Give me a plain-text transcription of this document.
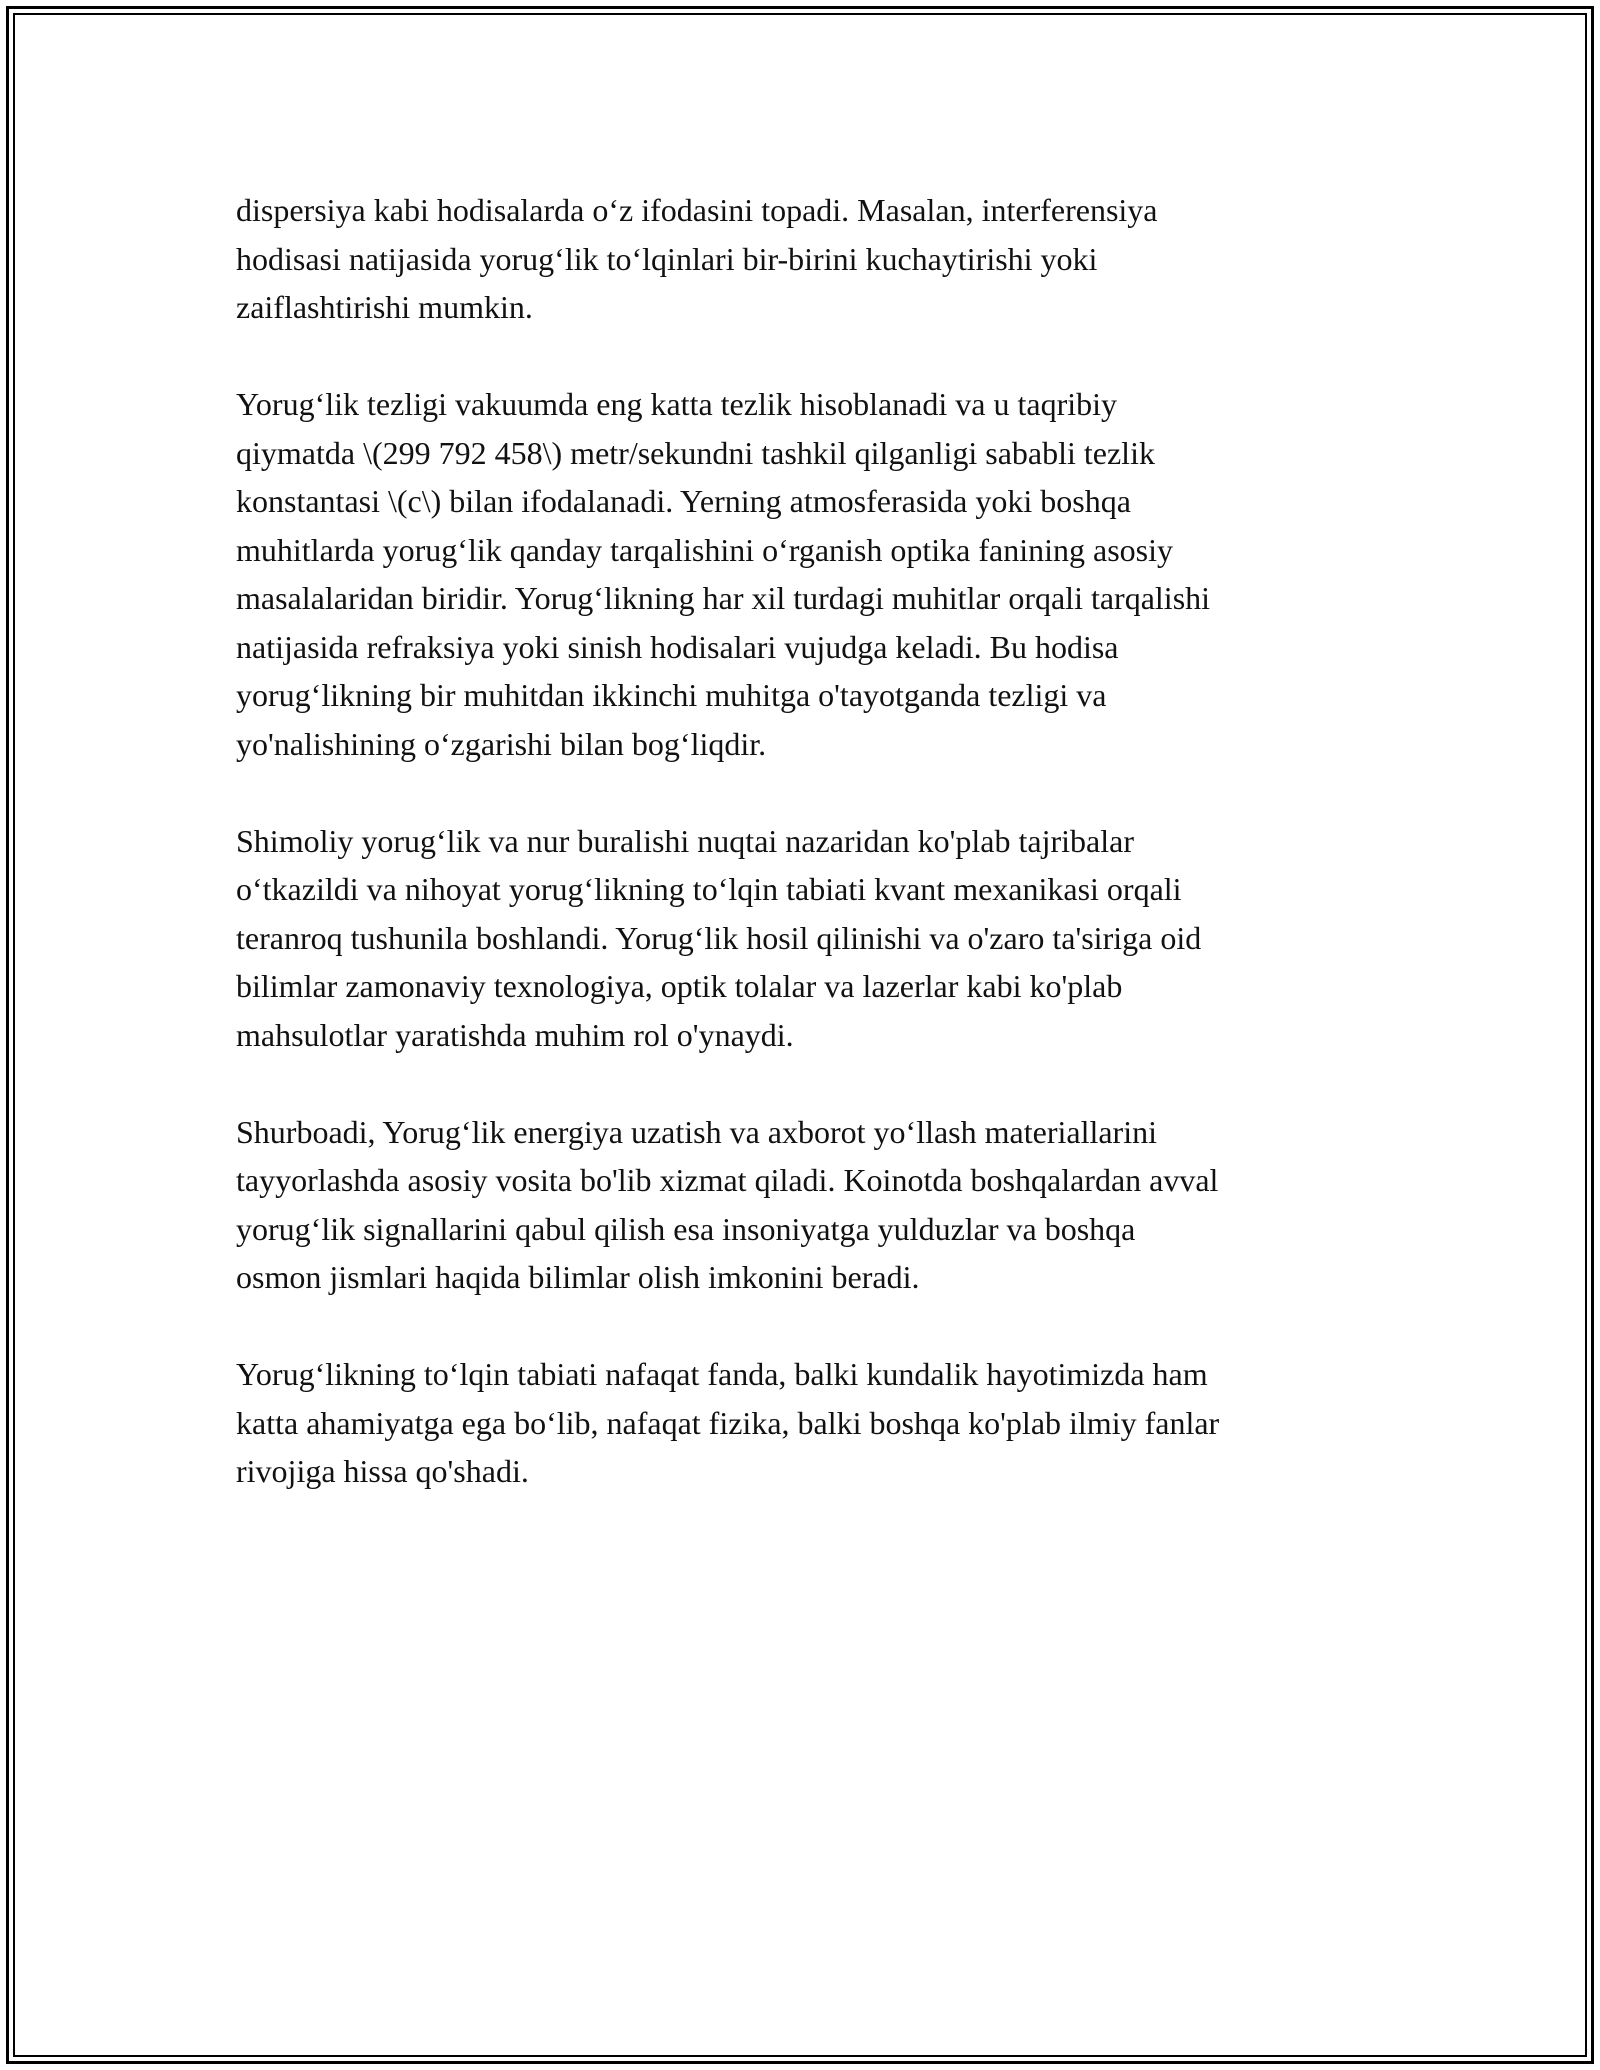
dispersiya kabi hodisalarda o‘z ifodasini topadi. Masalan, interferensiya
hodisasi natijasida yorug‘lik to‘lqinlari bir-birini kuchaytirishi yoki
zaiflashtirishi mumkin.

Yorug‘lik tezligi vakuumda eng katta tezlik hisoblanadi va u taqribiy
qiymatda \(299 792 458\) metr/sekundni tashkil qilganligi sababli tezlik
konstantasi \(c\) bilan ifodalanadi. Yerning atmosferasida yoki boshqa
muhitlarda yorug‘lik qanday tarqalishini o‘rganish optika fanining asosiy
masalalaridan biridir. Yorug‘likning har xil turdagi muhitlar orqali tarqalishi
natijasida refraksiya yoki sinish hodisalari vujudga keladi. Bu hodisa
yorug‘likning bir muhitdan ikkinchi muhitga o'tayotganda tezligi va
yo'nalishining o‘zgarishi bilan bog‘liqdir.

Shimoliy yorug‘lik va nur buralishi nuqtai nazaridan ko'plab tajribalar
o‘tkazildi va nihoyat yorug‘likning to‘lqin tabiati kvant mexanikasi orqali
teranroq tushunila boshlandi. Yorug‘lik hosil qilinishi va o'zaro ta'siriga oid
bilimlar zamonaviy texnologiya, optik tolalar va lazerlar kabi ko'plab
mahsulotlar yaratishda muhim rol o'ynaydi.

Shurboadi, Yorug‘lik energiya uzatish va axborot yo‘llash materiallarini
tayyorlashda asosiy vosita bo'lib xizmat qiladi. Koinotda boshqalardan avval
yorug‘lik signallarini qabul qilish esa insoniyatga yulduzlar va boshqa
osmon jismlari haqida bilimlar olish imkonini beradi.

Yorug‘likning to‘lqin tabiati nafaqat fanda, balki kundalik hayotimizda ham
katta ahamiyatga ega bo‘lib, nafaqat fizika, balki boshqa ko'plab ilmiy fanlar
rivojiga hissa qo'shadi.
